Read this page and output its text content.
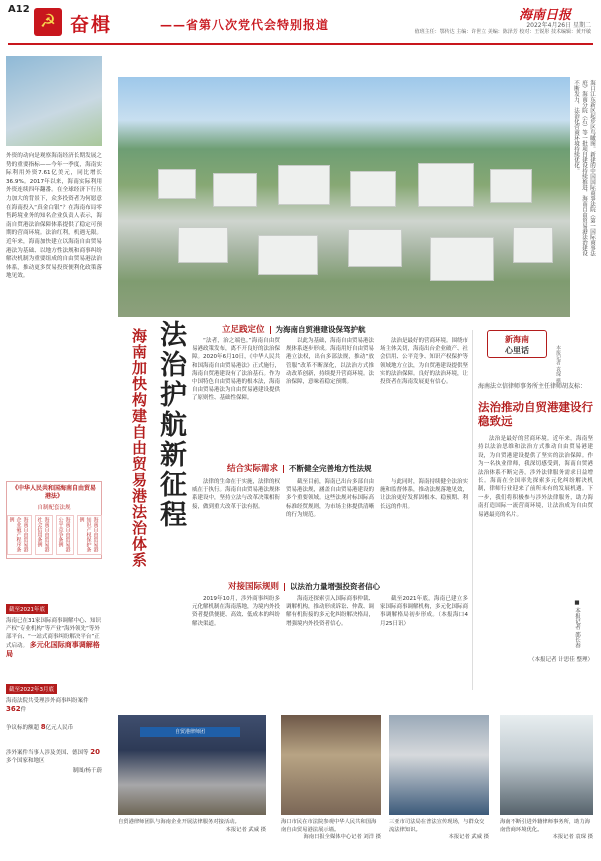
A12
☭ 奋楫	——省第八次党代会特别报道
海南日报
2022年4月26日 星期二
值班主任：鄂传达 主编：许世立 美编：陈泽芳 校对：王锐彤 技术编辑：黄开敏
外资的动向是观察海南经济长期发展之势的重要指标——今年一季度，海南实际利用外资7.61亿美元，同比增长36.9%。2017年以来，海南实际利用外资连续四年翻番。在全球经济下行压力加大的背景下，众多投资者为何愿意在海南投入“真金白银”？在海南布局零售跨境业务的知名企业负责人表示，海南自贸港法治保障体系提供了稳定可预期的营商环境。法治红利，机遇无限。近年来，海南加快建立以海南自由贸易港法为基础、以地方性法规和商事纠纷解决机制为重要组成的自由贸易港法治体系，推动更多贸易投资便利化政策落地见效。
《中华人民共和国海南自由贸易港法》
自制配套法规
海南自由贸易港企业破产程序条例	海南自由贸易港社会信用条例	海南自由贸易港公平竞争条例	海南自由贸易港知识产权保护条例
截至2021年底
海南已在31家国际商事调解中心、知识产权“专业机构”等产业“海外领先”等外部平台、“一站式商事纠纷解决平台”正式启动。 多元化国际商事调解格局
截至2022年3月底
海南法院共受理涉外商事纠纷案件 362件
争议标的额超 8亿元人民币
涉外案件当事人涉及美国、德国等 20多个国家和地区
制图/杨千蔚
海口江东新区起步区鸟瞰图。新建的中国国际商事法院（第一国际商事法庭）海南分院（右）等一批项目建设持续推进，海南自由贸易港法治建设不断发力，法治化营商环境持续优化。
本报记者 袁琛 摄
法治护航新征程
海南加快构建自由贸易港法治体系
■ 本报记者 邵长春
立足践定位 为海南自贸港建设保驾护航

“法者，治之端也。”海南自由贸易港政策发布，离不开良好的法治保障。2020年6月10日，《中华人民共和国海南自由贸易港法》正式施行，海南自贸港建设有了法治基石。作为中国特色自由贸易港的根本法，海南自由贸易港法为自由贸易港建设提供了原则性、基础性保障。

以此为基础，海南自由贸易港法规体系逐步形成。海南用好自由贸易港立法权，出台多部法规，推动“放管服”改革不断深化，以法治方式推动改革创新，持续提升营商环境。法治保障，意味着稳定预期。

法治是最好的营商环境。围绕市场主体关切，海南出台企业破产、社会信用、公平竞争、知识产权保护等领域地方立法，为自贸港建设提供坚实的法治保障。良好的法治环境，让投资者在海南发展更有信心。

结合实际需求 不断健全完善地方性法规

法律的生命在于实施，法律的权威在于执行。海南自由贸易港法规体系建设中，坚持立法与改革决策相衔接，做到重大改革于法有据。

截至目前，海南已出台多部自由贸易港法规，涵盖自由贸易港建设的多个重要领域。这些法规对标国际高标准经贸规则，为市场主体提供清晰的行为规范。

与此同时，海南持续健全法治实施和监督体系，推动法规落地见效，让法治更好发挥固根本、稳预期、利长远的作用。

对接国际规则 以法治力量增强投资者信心

2019年10月，涉外商事纠纷多元化解机制在海南落地，为境内外投资者提供便捷、高效、低成本的纠纷解决渠道。

海南还探索引入国际商事仲裁、调解机构，推动形成诉讼、仲裁、调解有机衔接的多元化纠纷解决格局，增强境内外投资者信心。

截至2021年底，海南已建立多家国际商事调解机构，多元化国际商事调解格局初步形成。（本报海口4月25日讯）

新海南
心里话
海南法立信律师事务所主任律师胡友标：
法治推动自贸港建设行稳致远
法治是最好的营商环境。近年来，海南坚持以法治思维和法治方式推动自由贸易港建设，为自贸港建设提供了坚实的法治保障。作为一名执业律师，我深切感受到，海南自贸港法治体系不断完善，涉外法律服务需求日益增长。海南在全国率先探索多元化纠纷解决机制，律师行业迎来了前所未有的发展机遇。下一步，我们将积极参与涉外法律服务，助力海南打造国际一流营商环境，让法治成为自由贸易港最亮的名片。
（本报记者 计思佳 整理）
自贸港律师团
自贸港律师团队与海南企业开展法律服务对接活动。
本报记者 武威 摄
海口市民在市法院参观中华人民共和国海南自由贸易港法展示墙。
海南日报全媒体中心记者 刘洋 摄
三亚市司法局在普法宣传现场，与群众交流法律知识。
本报记者 武威 摄
海南不断引进外籍律师事务所，助力海南营商环境优化。
本报记者 袁琛 摄
